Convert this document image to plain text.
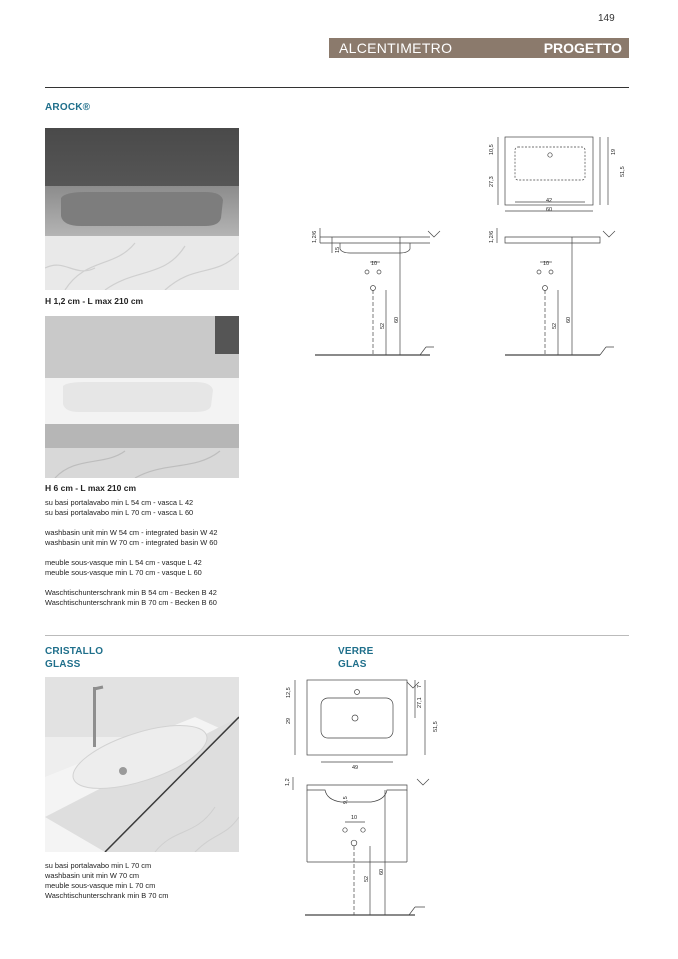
149
ALCENTIMETRO	PROGETTO
AROCK®
H 1,2 cm - L max 210 cm
H 6 cm - L max 210 cm
su basi portalavabo min L 54 cm - vasca L 42
su basi portalavabo min L 70 cm - vasca L 60
washbasin unit min W 54 cm - integrated basin W 42
washbasin unit min W 70 cm - integrated basin W 60
meuble sous-vasque min L 54 cm - vasque L 42
meuble sous-vasque min L 70 cm - vasque L 60
Waschtischunterschrank min B 54 cm - Becken B 42
Waschtischunterschrank min B 70 cm - Becken B 60
10,5
27,3
19
51,5
42
60
1,2/6
15
10
52
60
1,2/6
10
52
60
CRISTALLO
GLASS
su basi portalavabo min L 70 cm
washbasin unit min W 70 cm
meuble sous-vasque min L 70 cm
Waschtischunterschrank min B 70 cm
VERRE
GLAS
12,5
29
7
27,1
51,5
49
1,2
9,5
10
52
60
